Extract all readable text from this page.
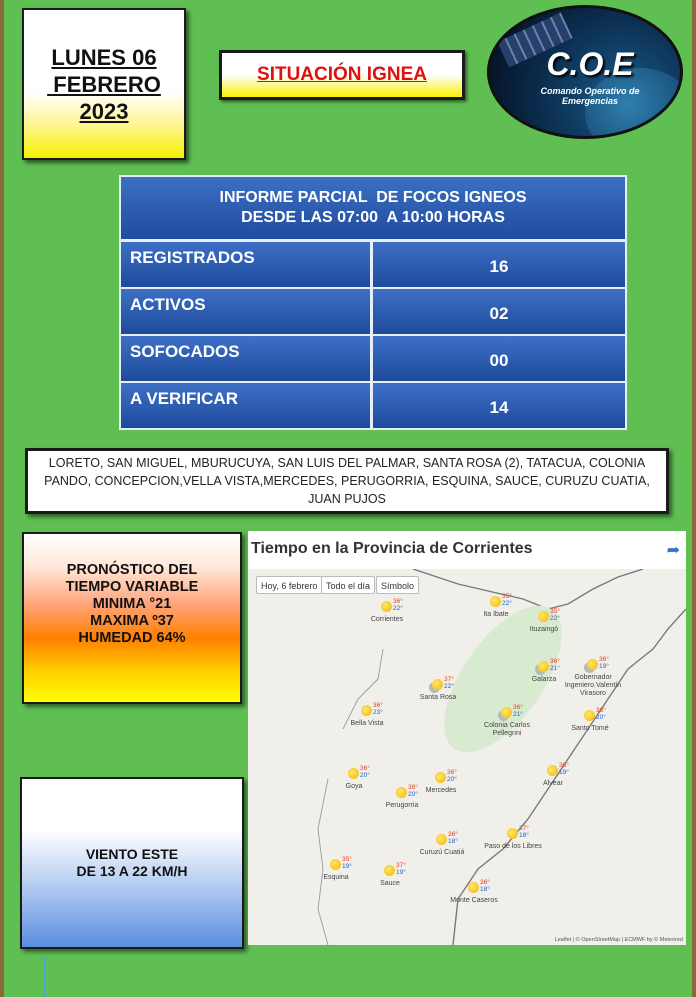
LUNES 06
FEBRERO
2023
SITUACIÓN IGNEA	C.O.E
Comando Operativo de
Emergencias
INFORME PARCIAL  DE FOCOS IGNEOS
DESDE LAS 07:00  A 10:00 HORAS
REGISTRADOS	16
ACTIVOS	02
SOFOCADOS	00
A VERIFICAR	14
LORETO, SAN MIGUEL, MBURUCUYA, SAN LUIS DEL PALMAR, SANTA ROSA (2), TATACUA, COLONIA PANDO, CONCEPCION,VELLA VISTA,MERCEDES, PERUGORRIA, ESQUINA, SAUCE, CURUZU CUATIA, JUAN PUJOS
PRONÓSTICO DEL
TIEMPO VARIABLE
MINIMA °21
MAXIMA º37
HUMEDAD 64%
VIENTO ESTE
DE 13 A 22 KM/H
Tiempo en la Provincia de Corrientes	➦
Hoy, 6 febrero Todo el día	Símbolo
36°
22°
Corrientes
35°
22°
Ita Ibate	35°
22°
Ituzaingó
37°
22°
Santa Rosa
36°
21°
Galarza
36°
19°
Gobernador Ingeniero Valentín Virasoro
36°
23°
Bella Vista
36°
21°
Colonia Carlos Pellegrini
36°
20°
Santo Tomé
36°
20°
Goya
36°
20°
Mercedes
36°
19°
Alvear
38°
20°
Perugorria
36°
18°
Curuzú Cuatiá
37°
18°
Paso de los Libres
35°
19°
Esquina
37°
19°
Sauce	36°
18°
Monte Caseros
Leaflet | © OpenStreetMap | ECMWF by © Meteored
